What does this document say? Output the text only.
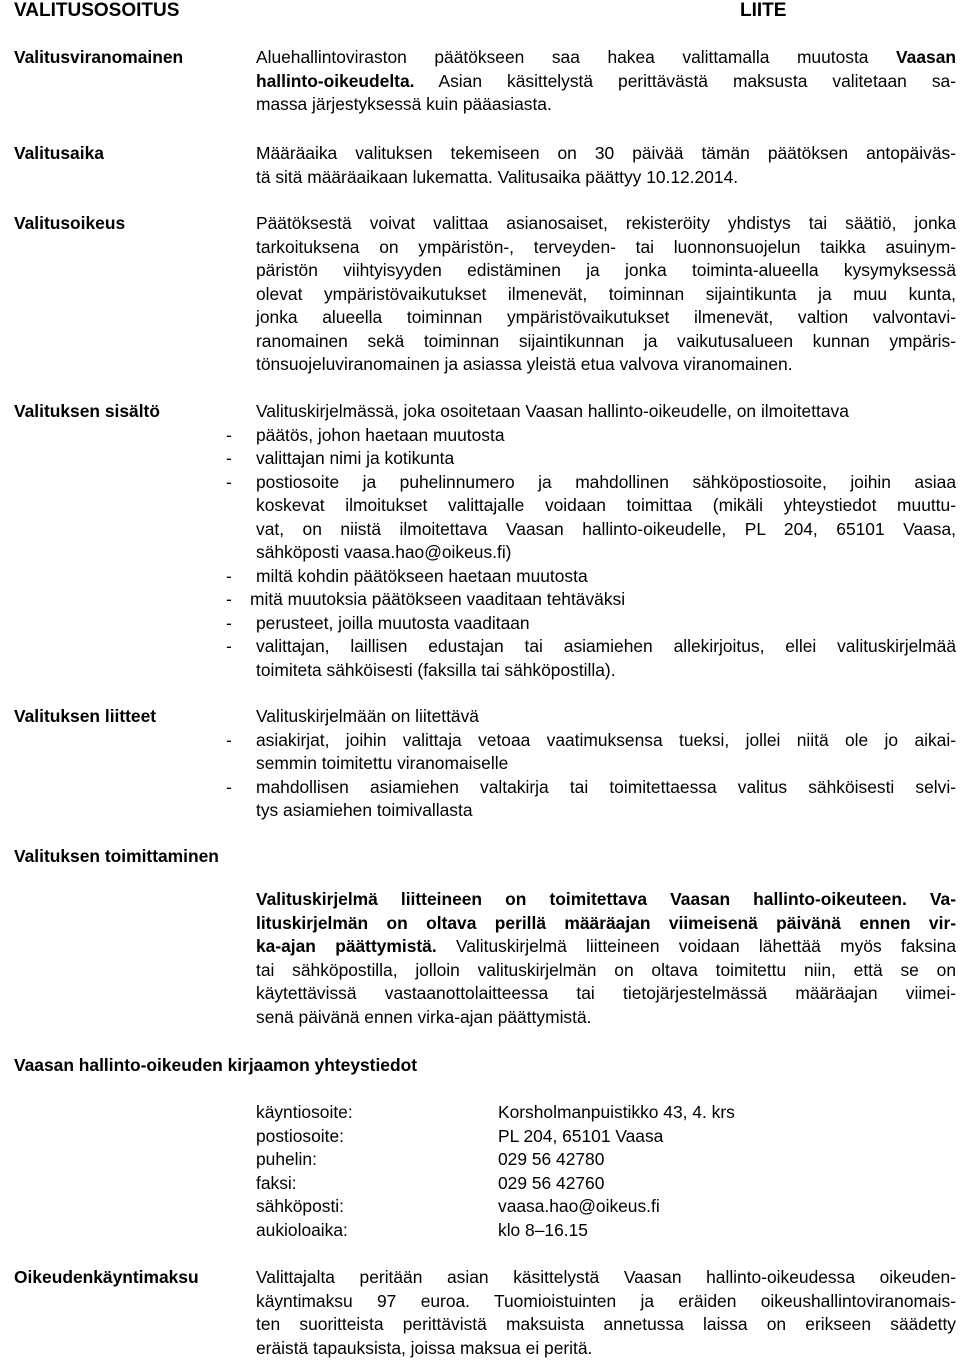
VALITUSOSOITUS	LIITE
Valitusviranomainen	Aluehallintoviraston päätökseen saa hakea valittamalla muutosta Vaasan
hallinto-oikeudelta. Asian käsittelystä perittävästä maksusta valitetaan sa-
massa järjestyksessä kuin pääasiasta.
Valitusaika	Määräaika valituksen tekemiseen on 30 päivää tämän päätöksen antopäiväs-
tä sitä määräaikaan lukematta. Valitusaika päättyy 10.12.2014.
Valitusoikeus	Päätöksestä voivat valittaa asianosaiset, rekisteröity yhdistys tai säätiö, jonka
tarkoituksena on ympäristön-, terveyden- tai luonnonsuojelun taikka asuinym-
päristön viihtyisyyden edistäminen ja jonka toiminta-alueella kysymyksessä
olevat ympäristövaikutukset ilmenevät, toiminnan sijaintikunta ja muu kunta,
jonka alueella toiminnan ympäristövaikutukset ilmenevät, valtion valvontavi-
ranomainen sekä toiminnan sijaintikunnan ja vaikutusalueen kunnan ympäris-
tönsuojeluviranomainen ja asiassa yleistä etua valvova viranomainen.
Valituksen sisältö	Valituskirjelmässä, joka osoitetaan Vaasan hallinto-oikeudelle, on ilmoitettava
- päätös, johon haetaan muutosta
- valittajan nimi ja kotikunta
- postiosoite ja puhelinnumero ja mahdollinen sähköpostiosoite, joihin asiaa
koskevat ilmoitukset valittajalle voidaan toimittaa (mikäli yhteystiedot muuttu-
vat, on niistä ilmoitettava Vaasan hallinto-oikeudelle, PL 204, 65101 Vaasa,
sähköposti vaasa.hao@oikeus.fi)
- miltä kohdin päätökseen haetaan muutosta
- mitä muutoksia päätökseen vaaditaan tehtäväksi
- perusteet, joilla muutosta vaaditaan
- valittajan, laillisen edustajan tai asiamiehen allekirjoitus, ellei valituskirjelmää
toimiteta sähköisesti (faksilla tai sähköpostilla).
Valituksen liitteet	Valituskirjelmään on liitettävä
- asiakirjat, joihin valittaja vetoaa vaatimuksensa tueksi, jollei niitä ole jo aikai-
semmin toimitettu viranomaiselle
- mahdollisen asiamiehen valtakirja tai toimitettaessa valitus sähköisesti selvi-
tys asiamiehen toimivallasta
Valituksen toimittaminen
Valituskirjelmä liitteineen on toimitettava Vaasan hallinto-oikeuteen. Va-
lituskirjelmän on oltava perillä määräajan viimeisenä päivänä ennen vir-
ka-ajan päättymistä. Valituskirjelmä liitteineen voidaan lähettää myös faksina
tai sähköpostilla, jolloin valituskirjelmän on oltava toimitettu niin, että se on
käytettävissä vastaanottolaitteessa tai tietojärjestelmässä määräajan viimei-
senä päivänä ennen virka-ajan päättymistä.
Vaasan hallinto-oikeuden kirjaamon yhteystiedot
käyntiosoite:	Korsholmanpuistikko 43, 4. krs
postiosoite:	PL 204, 65101 Vaasa
puhelin:	029 56 42780
faksi:	029 56 42760
sähköposti:	vaasa.hao@oikeus.fi
aukioloaika:	klo 8–16.15
Oikeudenkäyntimaksu	Valittajalta peritään asian käsittelystä Vaasan hallinto-oikeudessa oikeuden-
käyntimaksu 97 euroa. Tuomioistuinten ja eräiden oikeushallintoviranomais-
ten suoritteista perittävistä maksuista annetussa laissa on erikseen säädetty
eräistä tapauksista, joissa maksua ei peritä.
